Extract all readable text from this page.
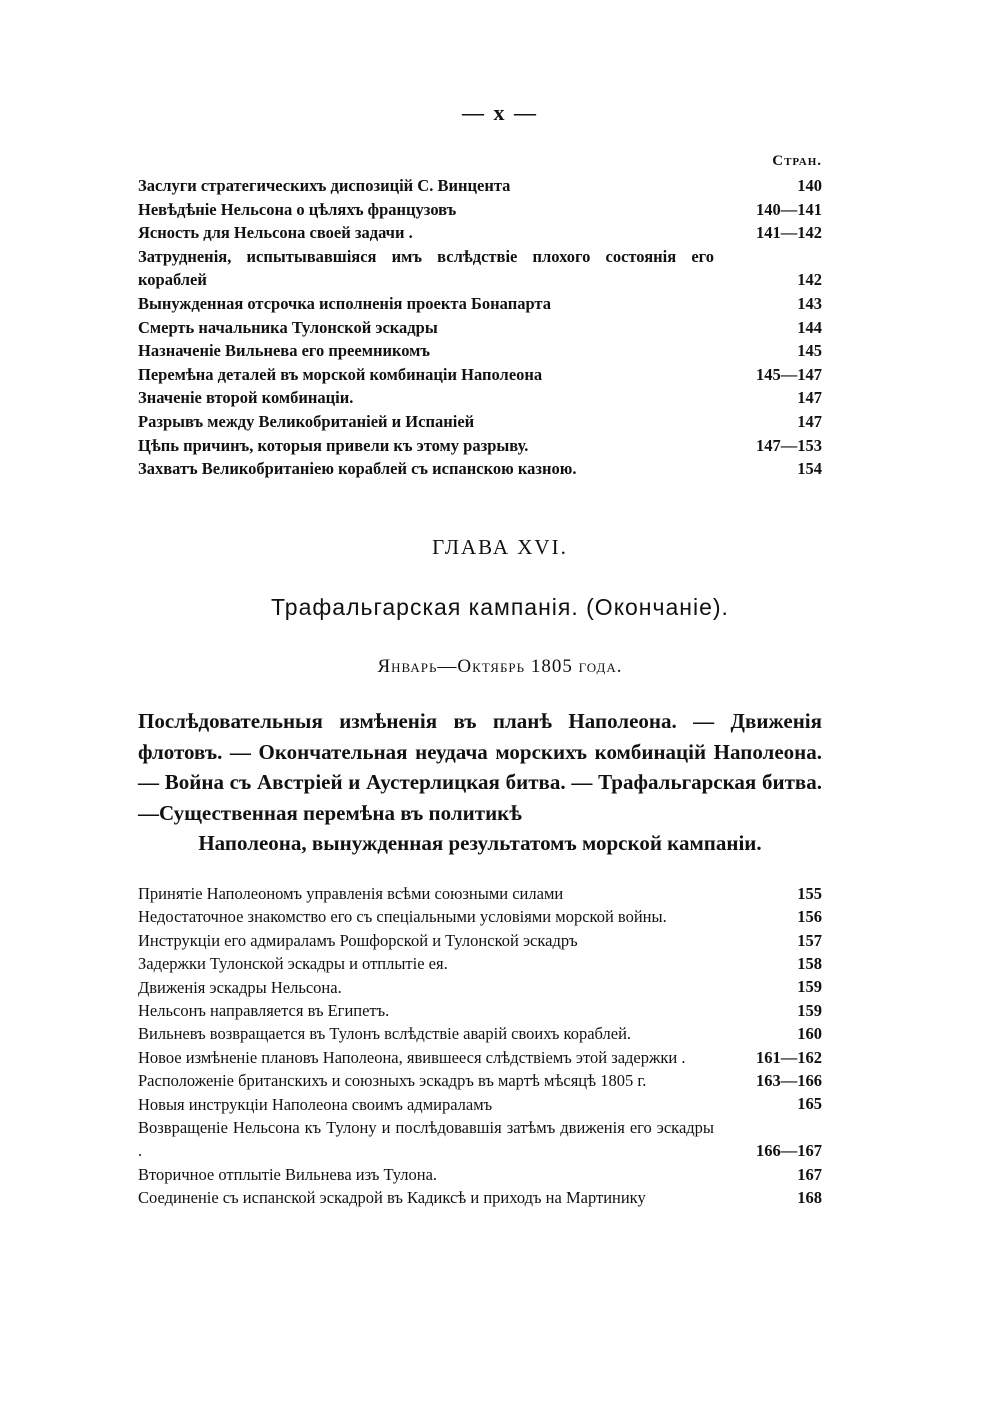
— x —
Стран.
Заслуги стратегическихъ диспозицій С. Винцента	140
Невѣдѣніе Нельсона о цѣляхъ французовъ	140—141
Ясность для Нельсона своей задачи .	141—142
Затрудненія, испытывавшіяся имъ вслѣдствіе плохого состоянія его кораблей	142
Вынужденная отсрочка исполненія проекта Бонапарта	143
Смерть начальника Тулонской эскадры	144
Назначеніе Вильнева его преемникомъ	145
Перемѣна деталей въ морской комбинаціи Наполеона	145—147
Значеніе второй комбинаціи.	147
Разрывъ между Великобританіей и Испаніей	147
Цѣпь причинъ, которыя привели къ этому разрыву.	147—153
Захватъ Великобританіею кораблей съ испанскою казною.	154
ГЛАВА XVI.
Трафальгарская кампанія. (Окончаніе).
Январь—Октябрь 1805 года.
Послѣдовательныя измѣненія въ планѣ Наполеона. — Движенія флотовъ. — Окончательная неудача морскихъ комбинацій Наполеона. — Война съ Австріей и Аустерлицкая битва. — Трафальгарская битва.—Существенная перемѣна въ политикѣ
Наполеона, вынужденная результатомъ морской кампаніи.
Принятіе Наполеономъ управленія всѣми союзными силами	155
Недостаточное знакомство его съ спеціальными условіями морской войны.	156
Инструкціи его адмираламъ Рошфорской и Тулонской эскадръ	157
Задержки Тулонской эскадры и отплытіе ея.	158
Движенія эскадры Нельсона.	159
Нельсонъ направляется въ Египетъ.	159
Вильневъ возвращается въ Тулонъ вслѣдствіе аварій своихъ кораблей.	160
Новое измѣненіе плановъ Наполеона, явившееся слѣдствіемъ этой задержки .	161—162
Расположеніе британскихъ и союзныхъ эскадръ въ мартѣ мѣсяцѣ 1805 г.	163—166
Новыя инструкціи Наполеона своимъ адмираламъ	165
Возвращеніе Нельсона къ Тулону и послѣдовавшія затѣмъ движенія его эскадры .	166—167
Вторичное отплытіе Вильнева изъ Тулона.	167
Соединеніе съ испанской эскадрой въ Кадиксѣ и приходъ на Мартинику	168
